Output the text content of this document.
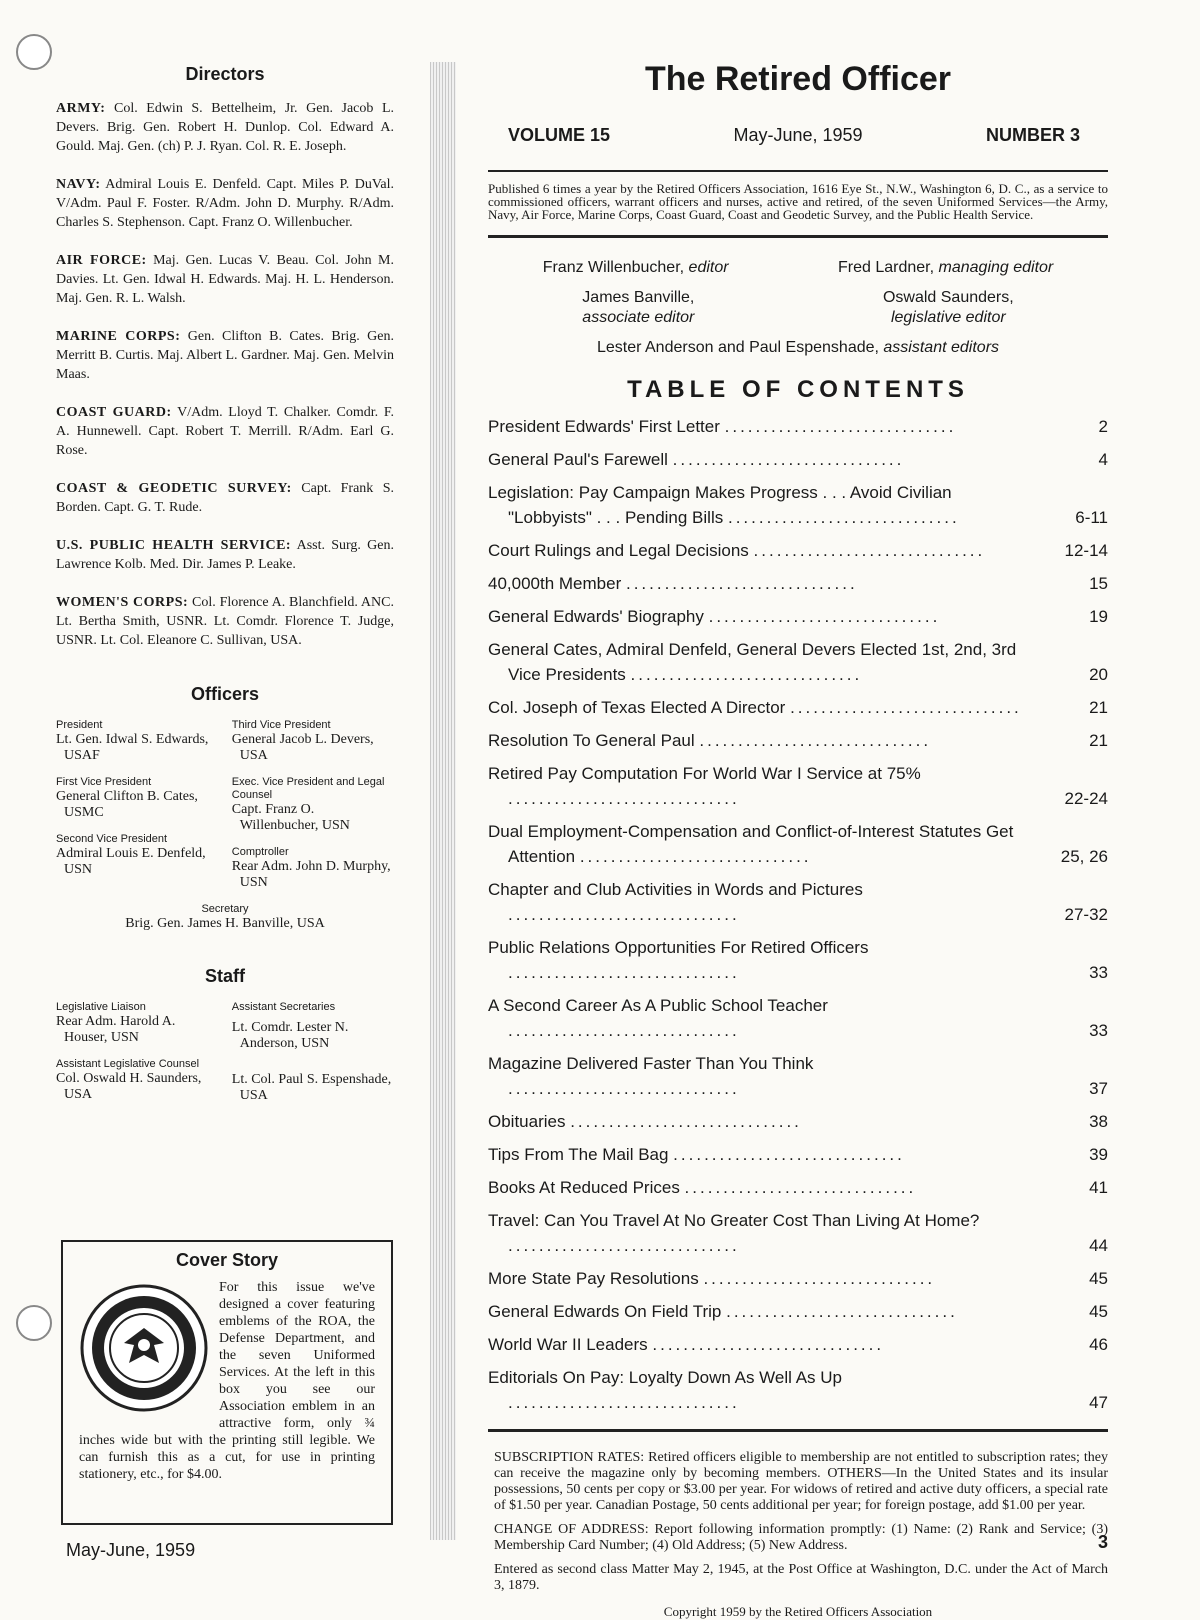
Directors

ARMY: Col. Edwin S. Bettelheim, Jr. Gen. Jacob L. Devers. Brig. Gen. Robert H. Dunlop. Col. Edward A. Gould. Maj. Gen. (ch) P. J. Ryan. Col. R. E. Joseph.

NAVY: Admiral Louis E. Denfeld. Capt. Miles P. DuVal. V/Adm. Paul F. Foster. R/Adm. John D. Murphy. R/Adm. Charles S. Stephenson. Capt. Franz O. Willenbucher.

AIR FORCE: Maj. Gen. Lucas V. Beau. Col. John M. Davies. Lt. Gen. Idwal H. Edwards. Maj. H. L. Henderson. Maj. Gen. R. L. Walsh.

MARINE CORPS: Gen. Clifton B. Cates. Brig. Gen. Merritt B. Curtis. Maj. Albert L. Gardner. Maj. Gen. Melvin Maas.

COAST GUARD: V/Adm. Lloyd T. Chalker. Comdr. F. A. Hunnewell. Capt. Robert T. Merrill. R/Adm. Earl G. Rose.

COAST & GEODETIC SURVEY: Capt. Frank S. Borden. Capt. G. T. Rude.

U.S. PUBLIC HEALTH SERVICE: Asst. Surg. Gen. Lawrence Kolb. Med. Dir. James P. Leake.

WOMEN'S CORPS: Col. Florence A. Blanchfield. ANC. Lt. Bertha Smith, USNR. Lt. Comdr. Florence T. Judge, USNR. Lt. Col. Eleanore C. Sullivan, USA.

Officers

President

Lt. Gen. Idwal S. Edwards, USAF

First Vice President

General Clifton B. Cates, USMC

Second Vice President

Admiral Louis E. Denfeld, USN

Third Vice President

General Jacob L. Devers, USA

Exec. Vice President and Legal Counsel

Capt. Franz O. Willenbucher, USN

Comptroller

Rear Adm. John D. Murphy, USN

Secretary

Brig. Gen. James H. Banville, USA

Staff

Legislative Liaison

Rear Adm. Harold A. Houser, USN

Assistant Legislative Counsel

Col. Oswald H. Saunders, USA

Assistant Secretaries

Lt. Comdr. Lester N. Anderson, USN

Lt. Col. Paul S. Espenshade, USA

Cover Story

For this issue we've designed a cover featuring emblems of the ROA, the Defense Department, and the seven Uniformed Services. At the left in this box you see our Association emblem in an attractive form, only ¾ inches wide but with the printing still legible. We can furnish this as a cut, for use in printing stationery, etc., for $4.00.

The Retired Officer
VOLUME 15	May-June, 1959	NUMBER 3

Published 6 times a year by the Retired Officers Association, 1616 Eye St., N.W., Washington 6, D. C., as a service to commissioned officers, warrant officers and nurses, active and retired, of the seven Uniformed Services—the Army, Navy, Air Force, Marine Corps, Coast Guard, Coast and Geodetic Survey, and the Public Health Service.

Franz Willenbucher, editor	Fred Lardner, managing editor
James Banville,
associate editor
Oswald Saunders,
legislative editor
Lester Anderson and Paul Espenshade, assistant editors
TABLE OF CONTENTS
President Edwards' First Letter ..............................	2
General Paul's Farewell ..............................	4
Legislation: Pay Campaign Makes Progress . . . Avoid Civilian "Lobbyists" . . . Pending Bills ..............................	6-11
Court Rulings and Legal Decisions ..............................	12-14
40,000th Member ..............................	15
General Edwards' Biography ..............................	19
General Cates, Admiral Denfeld, General Devers Elected 1st, 2nd, 3rd Vice Presidents ..............................	20
Col. Joseph of Texas Elected A Director ..............................	21
Resolution To General Paul ..............................	21
Retired Pay Computation For World War I Service at 75% ..............................	22-24
Dual Employment-Compensation and Conflict-of-Interest Statutes Get Attention ..............................	25, 26
Chapter and Club Activities in Words and Pictures ..............................	27-32
Public Relations Opportunities For Retired Officers ..............................	33
A Second Career As A Public School Teacher ..............................	33
Magazine Delivered Faster Than You Think ..............................	37
Obituaries ..............................	38
Tips From The Mail Bag ..............................	39
Books At Reduced Prices ..............................	41
Travel: Can You Travel At No Greater Cost Than Living At Home? ..............................	44
More State Pay Resolutions ..............................	45
General Edwards On Field Trip ..............................	45
World War II Leaders ..............................	46
Editorials On Pay: Loyalty Down As Well As Up ..............................	47

SUBSCRIPTION RATES: Retired officers eligible to membership are not entitled to subscription rates; they can receive the magazine only by becoming members. OTHERS—In the United States and its insular possessions, 50 cents per copy or $3.00 per year. For widows of retired and active duty officers, a special rate of $1.50 per year. Canadian Postage, 50 cents additional per year; for foreign postage, add $1.00 per year.

CHANGE OF ADDRESS: Report following information promptly: (1) Name: (2) Rank and Service; (3) Membership Card Number; (4) Old Address; (5) New Address.

Entered as second class Matter May 2, 1945, at the Post Office at Washington, D.C. under the Act of March 3, 1879.

Copyright 1959 by the Retired Officers Association
May-June, 1959	3
